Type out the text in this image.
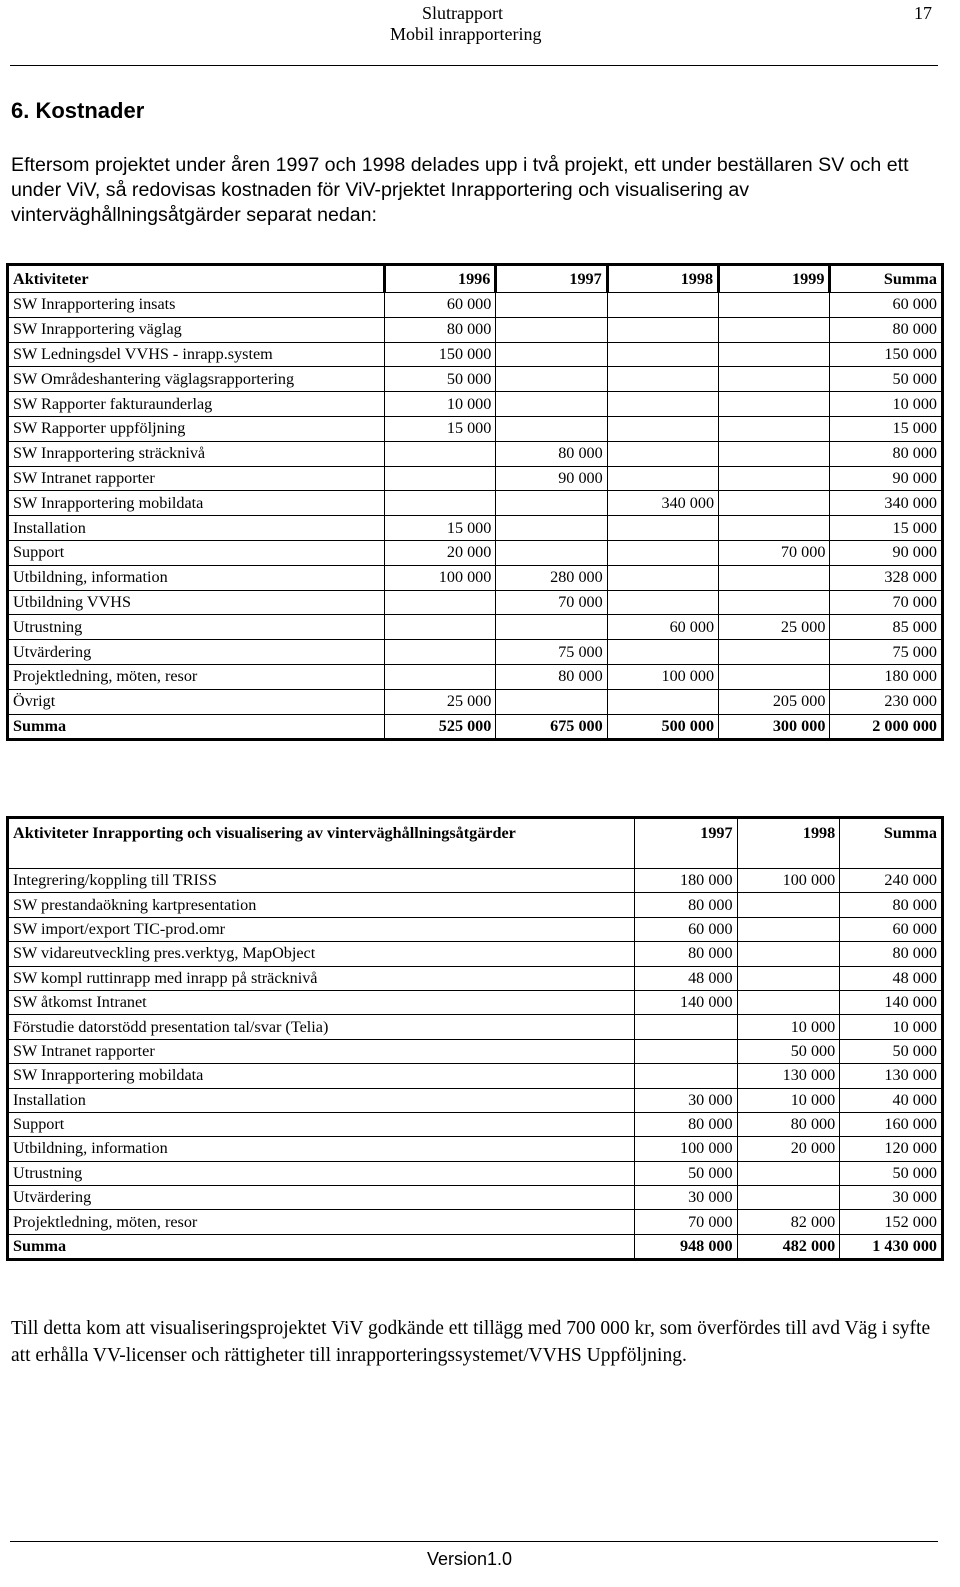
Slutrapport
Mobil inrapportering
17
6. Kostnader
Eftersom projektet under åren 1997 och 1998 delades upp i två projekt, ett under beställaren SV och ett under ViV, så redovisas kostnaden för ViV-prjektet Inrapportering och visualisering av vinterväghållningsåtgärder separat nedan:
Aktiviteter	1996	1997	1998	1999	Summa
SW Inrapportering insats	60 000				60 000
SW Inrapportering väglag	80 000				80 000
SW Ledningsdel VVHS - inrapp.system	150 000				150 000
SW Områdeshantering väglagsrapportering	50 000				50 000
SW Rapporter fakturaunderlag	10 000				10 000
SW Rapporter uppföljning	15 000				15 000
SW Inrapportering sträcknivå		80 000			80 000
SW Intranet rapporter		90 000			90 000
SW Inrapportering mobildata			340 000		340 000
Installation	15 000				15 000
Support	20 000			70 000	90 000
Utbildning, information	100 000	280 000			328 000
Utbildning VVHS		70 000			70 000
Utrustning			60 000	25 000	85 000
Utvärdering		75 000			75 000
Projektledning, möten, resor		80 000	100 000		180 000
Övrigt	25 000			205 000	230 000
Summa	525 000	675 000	500 000	300 000	2 000 000
Aktiviteter Inrapporting och visualisering av vinterväghållningsåtgärder	1997	1998	Summa
Integrering/koppling till TRISS	180 000	100 000	240 000
SW prestandaökning kartpresentation	80 000		80 000
SW import/export TIC-prod.omr	60 000		60 000
SW vidareutveckling pres.verktyg, MapObject	80 000		80 000
SW kompl ruttinrapp med inrapp på sträcknivå	48 000		48 000
SW åtkomst Intranet	140 000		140 000
Förstudie datorstödd presentation tal/svar (Telia)		10 000	10 000
SW Intranet rapporter		50 000	50 000
SW Inrapportering mobildata		130 000	130 000
Installation	30 000	10 000	40 000
Support	80 000	80 000	160 000
Utbildning, information	100 000	20 000	120 000
Utrustning	50 000		50 000
Utvärdering	30 000		30 000
Projektledning, möten, resor	70 000	82 000	152 000
Summa	948 000	482 000	1 430 000
Till detta kom att visualiseringsprojektet ViV godkände ett tillägg med 700 000 kr, som överfördes till avd Väg i syfte att erhålla VV-licenser och rättigheter till inrapporteringssystemet/VVHS Uppföljning.
Version1.0
